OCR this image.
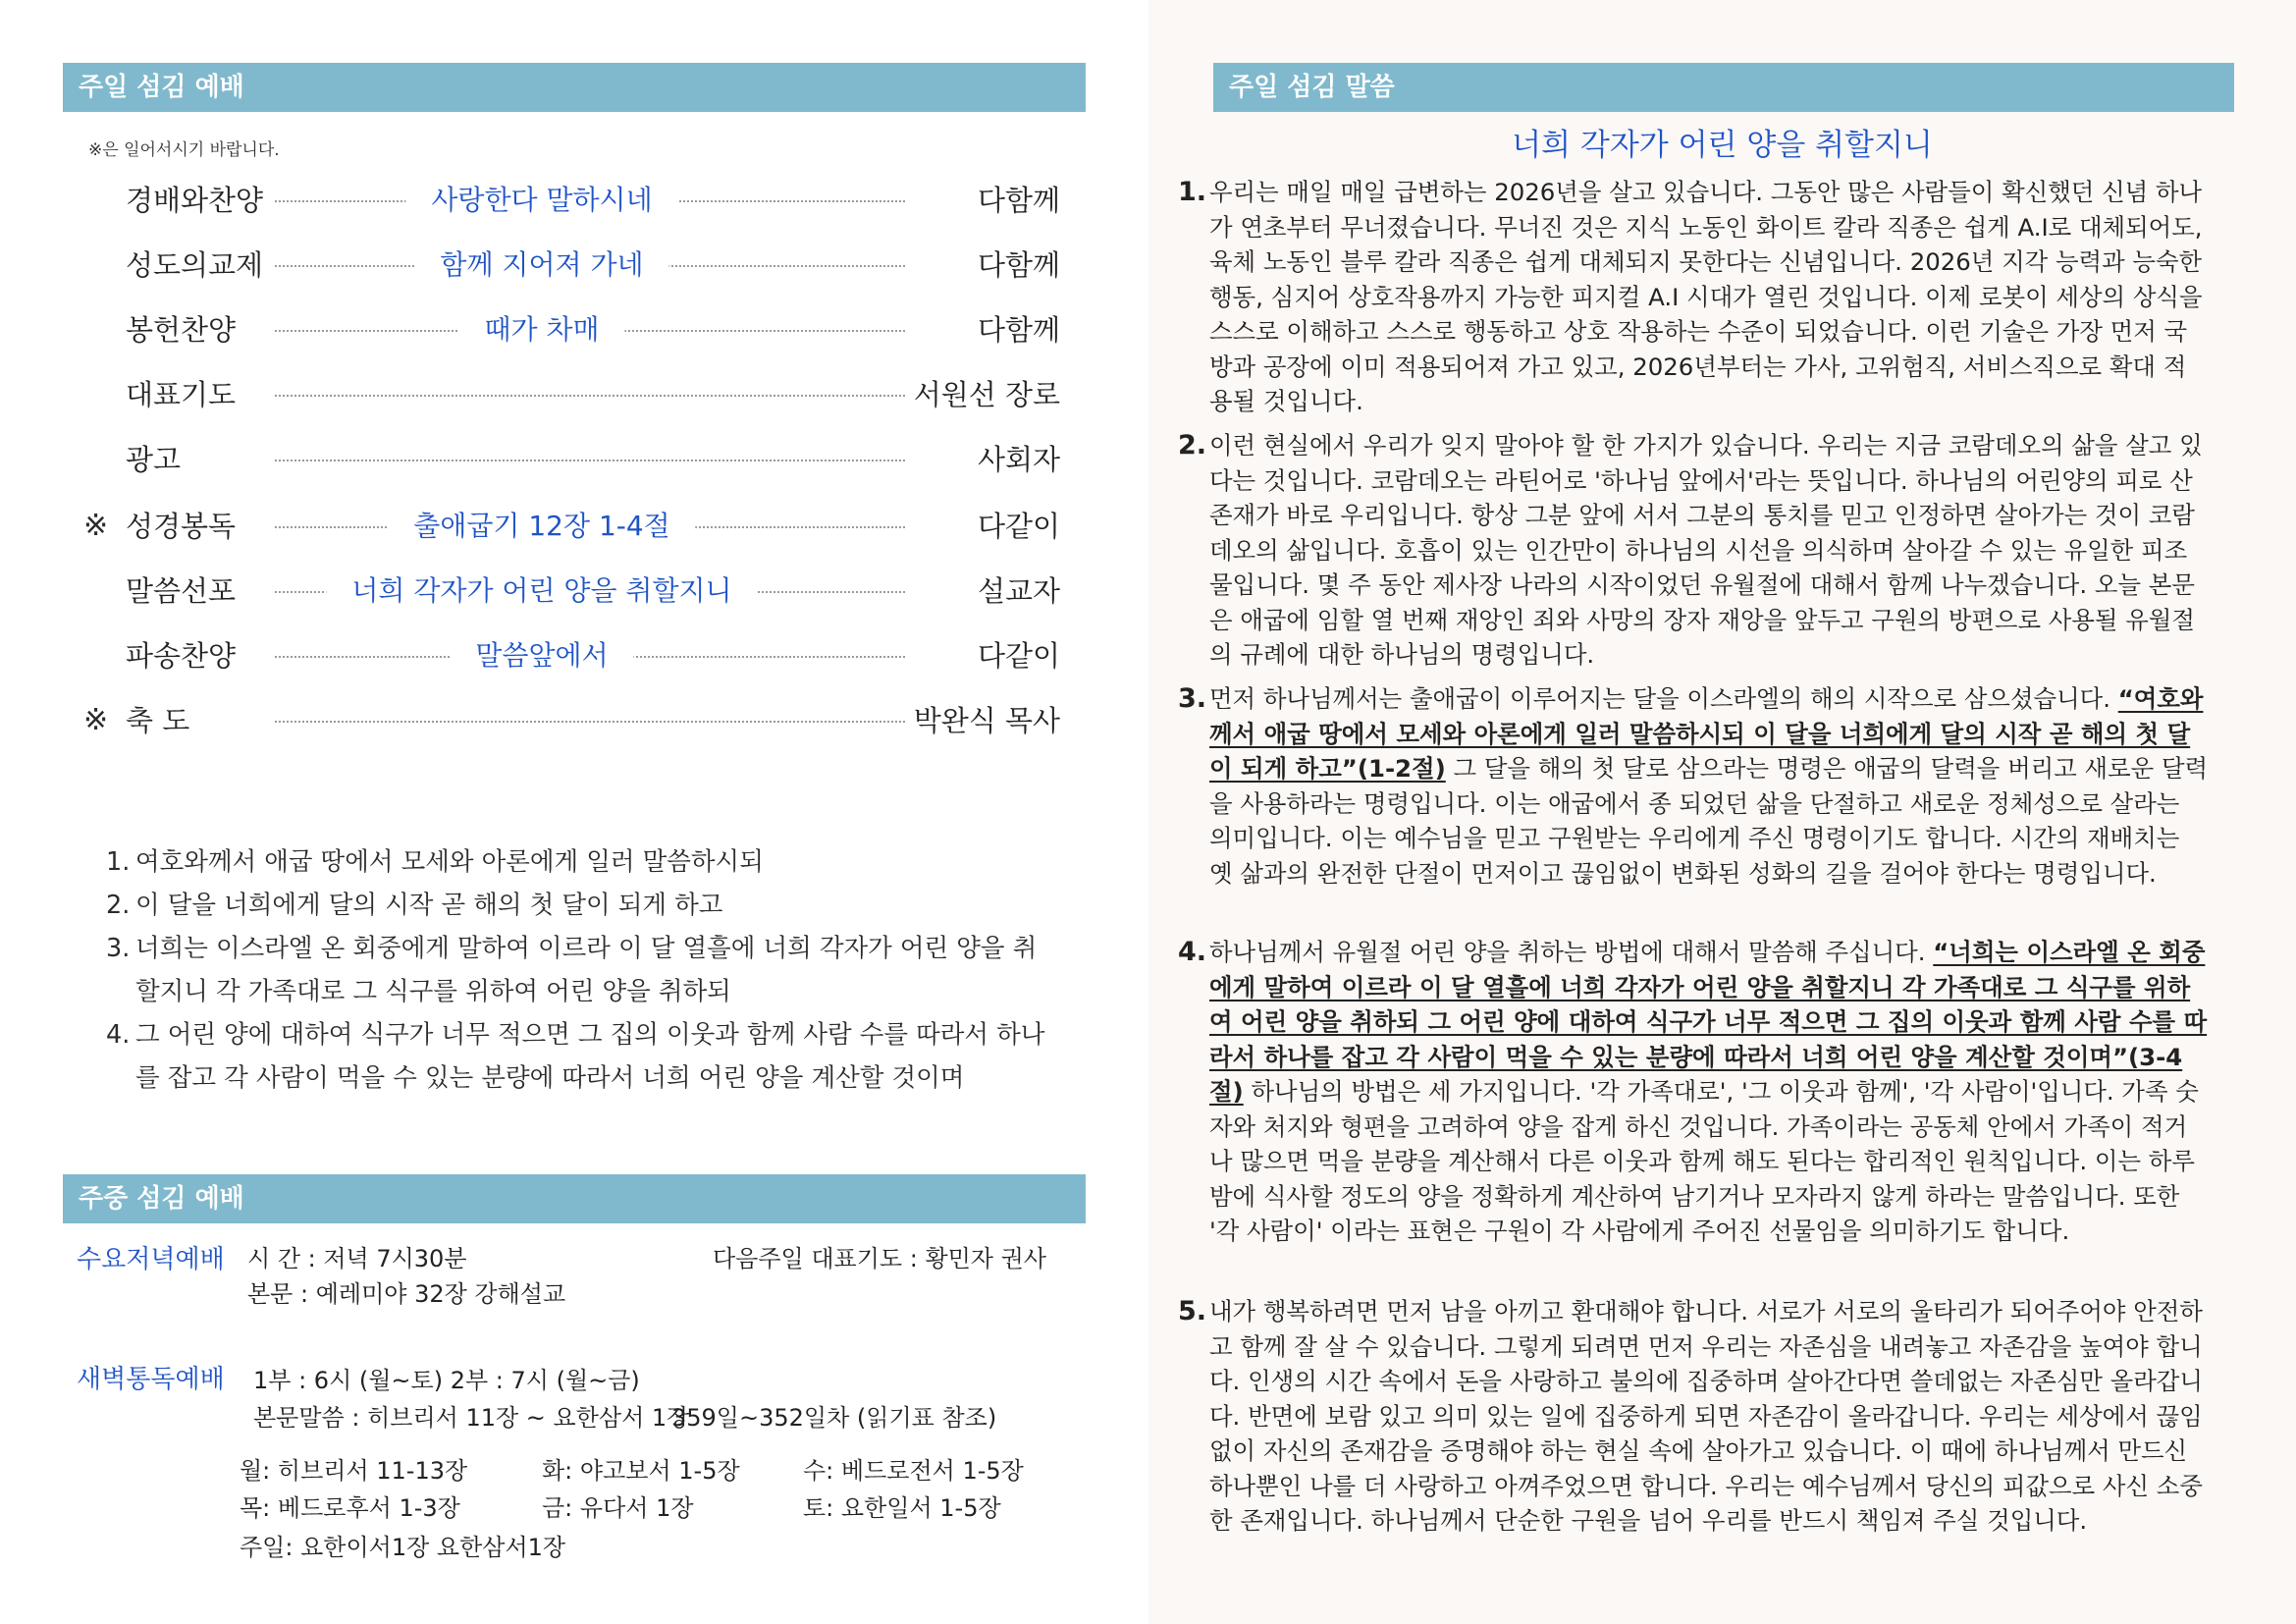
주일 섬김 예배
※은 일어서시기 바랍니다.
경배와찬양	사랑한다 말하시네	다함께
성도의교제	함께 지어져 가네	다함께
봉헌찬양	때가 차매	다함께
대표기도	서원선 장로
광고	사회자
※ 성경봉독	출애굽기 12장 1-4절	다같이
말씀선포	너희 각자가 어린 양을 취할지니	설교자
파송찬양	말씀앞에서	다같이
※ 축 도	박완식 목사
1. 여호와께서 애굽 땅에서 모세와 아론에게 일러 말씀하시되
2. 이 달을 너희에게 달의 시작 곧 해의 첫 달이 되게 하고
3. 너희는 이스라엘 온 회중에게 말하여 이르라 이 달 열흘에 너희 각자가 어린 양을 취할지니 각 가족대로 그 식구를 위하여 어린 양을 취하되
4. 그 어린 양에 대하여 식구가 너무 적으면 그 집의 이웃과 함께 사람 수를 따라서 하나를 잡고 각 사람이 먹을 수 있는 분량에 따라서 너희 어린 양을 계산할 것이며
주중 섬김 예배
수요저녁예배 시 간 : 저녁 7시30분	다음주일 대표기도 : 황민자 권사
본문 : 예레미야 32장 강해설교
새벽통독예배 1부 : 6시 (월~토) 2부 : 7시 (월~금)
본문말씀 : 히브리서 11장 ~ 요한삼서 1장
359일~352일차 (읽기표 참조)
월: 히브리서 11-13장	화: 야고보서 1-5장	수: 베드로전서 1-5장
목: 베드로후서 1-3장	금: 유다서 1장	토: 요한일서 1-5장
주일: 요한이서1장 요한삼서1장
주일 섬김 말씀
너희 각자가 어린 양을 취할지니
1. 우리는 매일 매일 급변하는 2026년을 살고 있습니다. 그동안 많은 사람들이 확신했던 신념 하나가 연초부터 무너졌습니다. 무너진 것은 지식 노동인 화이트 칼라 직종은 쉽게 A.I로 대체되어도, 육체 노동인 블루 칼라 직종은 쉽게 대체되지 못한다는 신념입니다. 2026년 지각 능력과 능숙한 행동, 심지어 상호작용까지 가능한 피지컬 A.I 시대가 열린 것입니다. 이제 로봇이 세상의 상식을 스스로 이해하고 스스로 행동하고 상호 작용하는 수준이 되었습니다. 이런 기술은 가장 먼저 국방과 공장에 이미 적용되어져 가고 있고, 2026년부터는 가사, 고위험직, 서비스직으로 확대 적용될 것입니다.
2. 이런 현실에서 우리가 잊지 말아야 할 한 가지가 있습니다. 우리는 지금 코람데오의 삶을 살고 있다는 것입니다. 코람데오는 라틴어로 '하나님 앞에서'라는 뜻입니다. 하나님의 어린양의 피로 산 존재가 바로 우리입니다. 항상 그분 앞에 서서 그분의 통치를 믿고 인정하면 살아가는 것이 코람데오의 삶입니다. 호흡이 있는 인간만이 하나님의 시선을 의식하며 살아갈 수 있는 유일한 피조물입니다. 몇 주 동안 제사장 나라의 시작이었던 유월절에 대해서 함께 나누겠습니다. 오늘 본문은 애굽에 임할 열 번째 재앙인 죄와 사망의 장자 재앙을 앞두고 구원의 방편으로 사용될 유월절의 규례에 대한 하나님의 명령입니다.
3. 먼저 하나님께서는 출애굽이 이루어지는 달을 이스라엘의 해의 시작으로 삼으셨습니다. “여호와께서 애굽 땅에서 모세와 아론에게 일러 말씀하시되 이 달을 너희에게 달의 시작 곧 해의 첫 달이 되게 하고”(1-2절) 그 달을 해의 첫 달로 삼으라는 명령은 애굽의 달력을 버리고 새로운 달력을 사용하라는 명령입니다. 이는 애굽에서 종 되었던 삶을 단절하고 새로운 정체성으로 살라는 의미입니다. 이는 예수님을 믿고 구원받는 우리에게 주신 명령이기도 합니다. 시간의 재배치는 옛 삶과의 완전한 단절이 먼저이고 끊임없이 변화된 성화의 길을 걸어야 한다는 명령입니다.
4. 하나님께서 유월절 어린 양을 취하는 방법에 대해서 말씀해 주십니다. “너희는 이스라엘 온 회중에게 말하여 이르라 이 달 열흘에 너희 각자가 어린 양을 취할지니 각 가족대로 그 식구를 위하여 어린 양을 취하되 그 어린 양에 대하여 식구가 너무 적으면 그 집의 이웃과 함께 사람 수를 따라서 하나를 잡고 각 사람이 먹을 수 있는 분량에 따라서 너희 어린 양을 계산할 것이며”(3-4절) 하나님의 방법은 세 가지입니다. '각 가족대로', '그 이웃과 함께', '각 사람이'입니다. 가족 숫자와 처지와 형편을 고려하여 양을 잡게 하신 것입니다. 가족이라는 공동체 안에서 가족이 적거나 많으면 먹을 분량을 계산해서 다른 이웃과 함께 해도 된다는 합리적인 원칙입니다. 이는 하루 밤에 식사할 정도의 양을 정확하게 계산하여 남기거나 모자라지 않게 하라는 말씀입니다. 또한 '각 사람이' 이라는 표현은 구원이 각 사람에게 주어진 선물임을 의미하기도 합니다.
5. 내가 행복하려면 먼저 남을 아끼고 환대해야 합니다. 서로가 서로의 울타리가 되어주어야 안전하고 함께 잘 살 수 있습니다. 그렇게 되려면 먼저 우리는 자존심을 내려놓고 자존감을 높여야 합니다. 인생의 시간 속에서 돈을 사랑하고 불의에 집중하며 살아간다면 쓸데없는 자존심만 올라갑니다. 반면에 보람 있고 의미 있는 일에 집중하게 되면 자존감이 올라갑니다. 우리는 세상에서 끊임없이 자신의 존재감을 증명해야 하는 현실 속에 살아가고 있습니다. 이 때에 하나님께서 만드신 하나뿐인 나를 더 사랑하고 아껴주었으면 합니다. 우리는 예수님께서 당신의 피값으로 사신 소중한 존재입니다. 하나님께서 단순한 구원을 넘어 우리를 반드시 책임져 주실 것입니다.
